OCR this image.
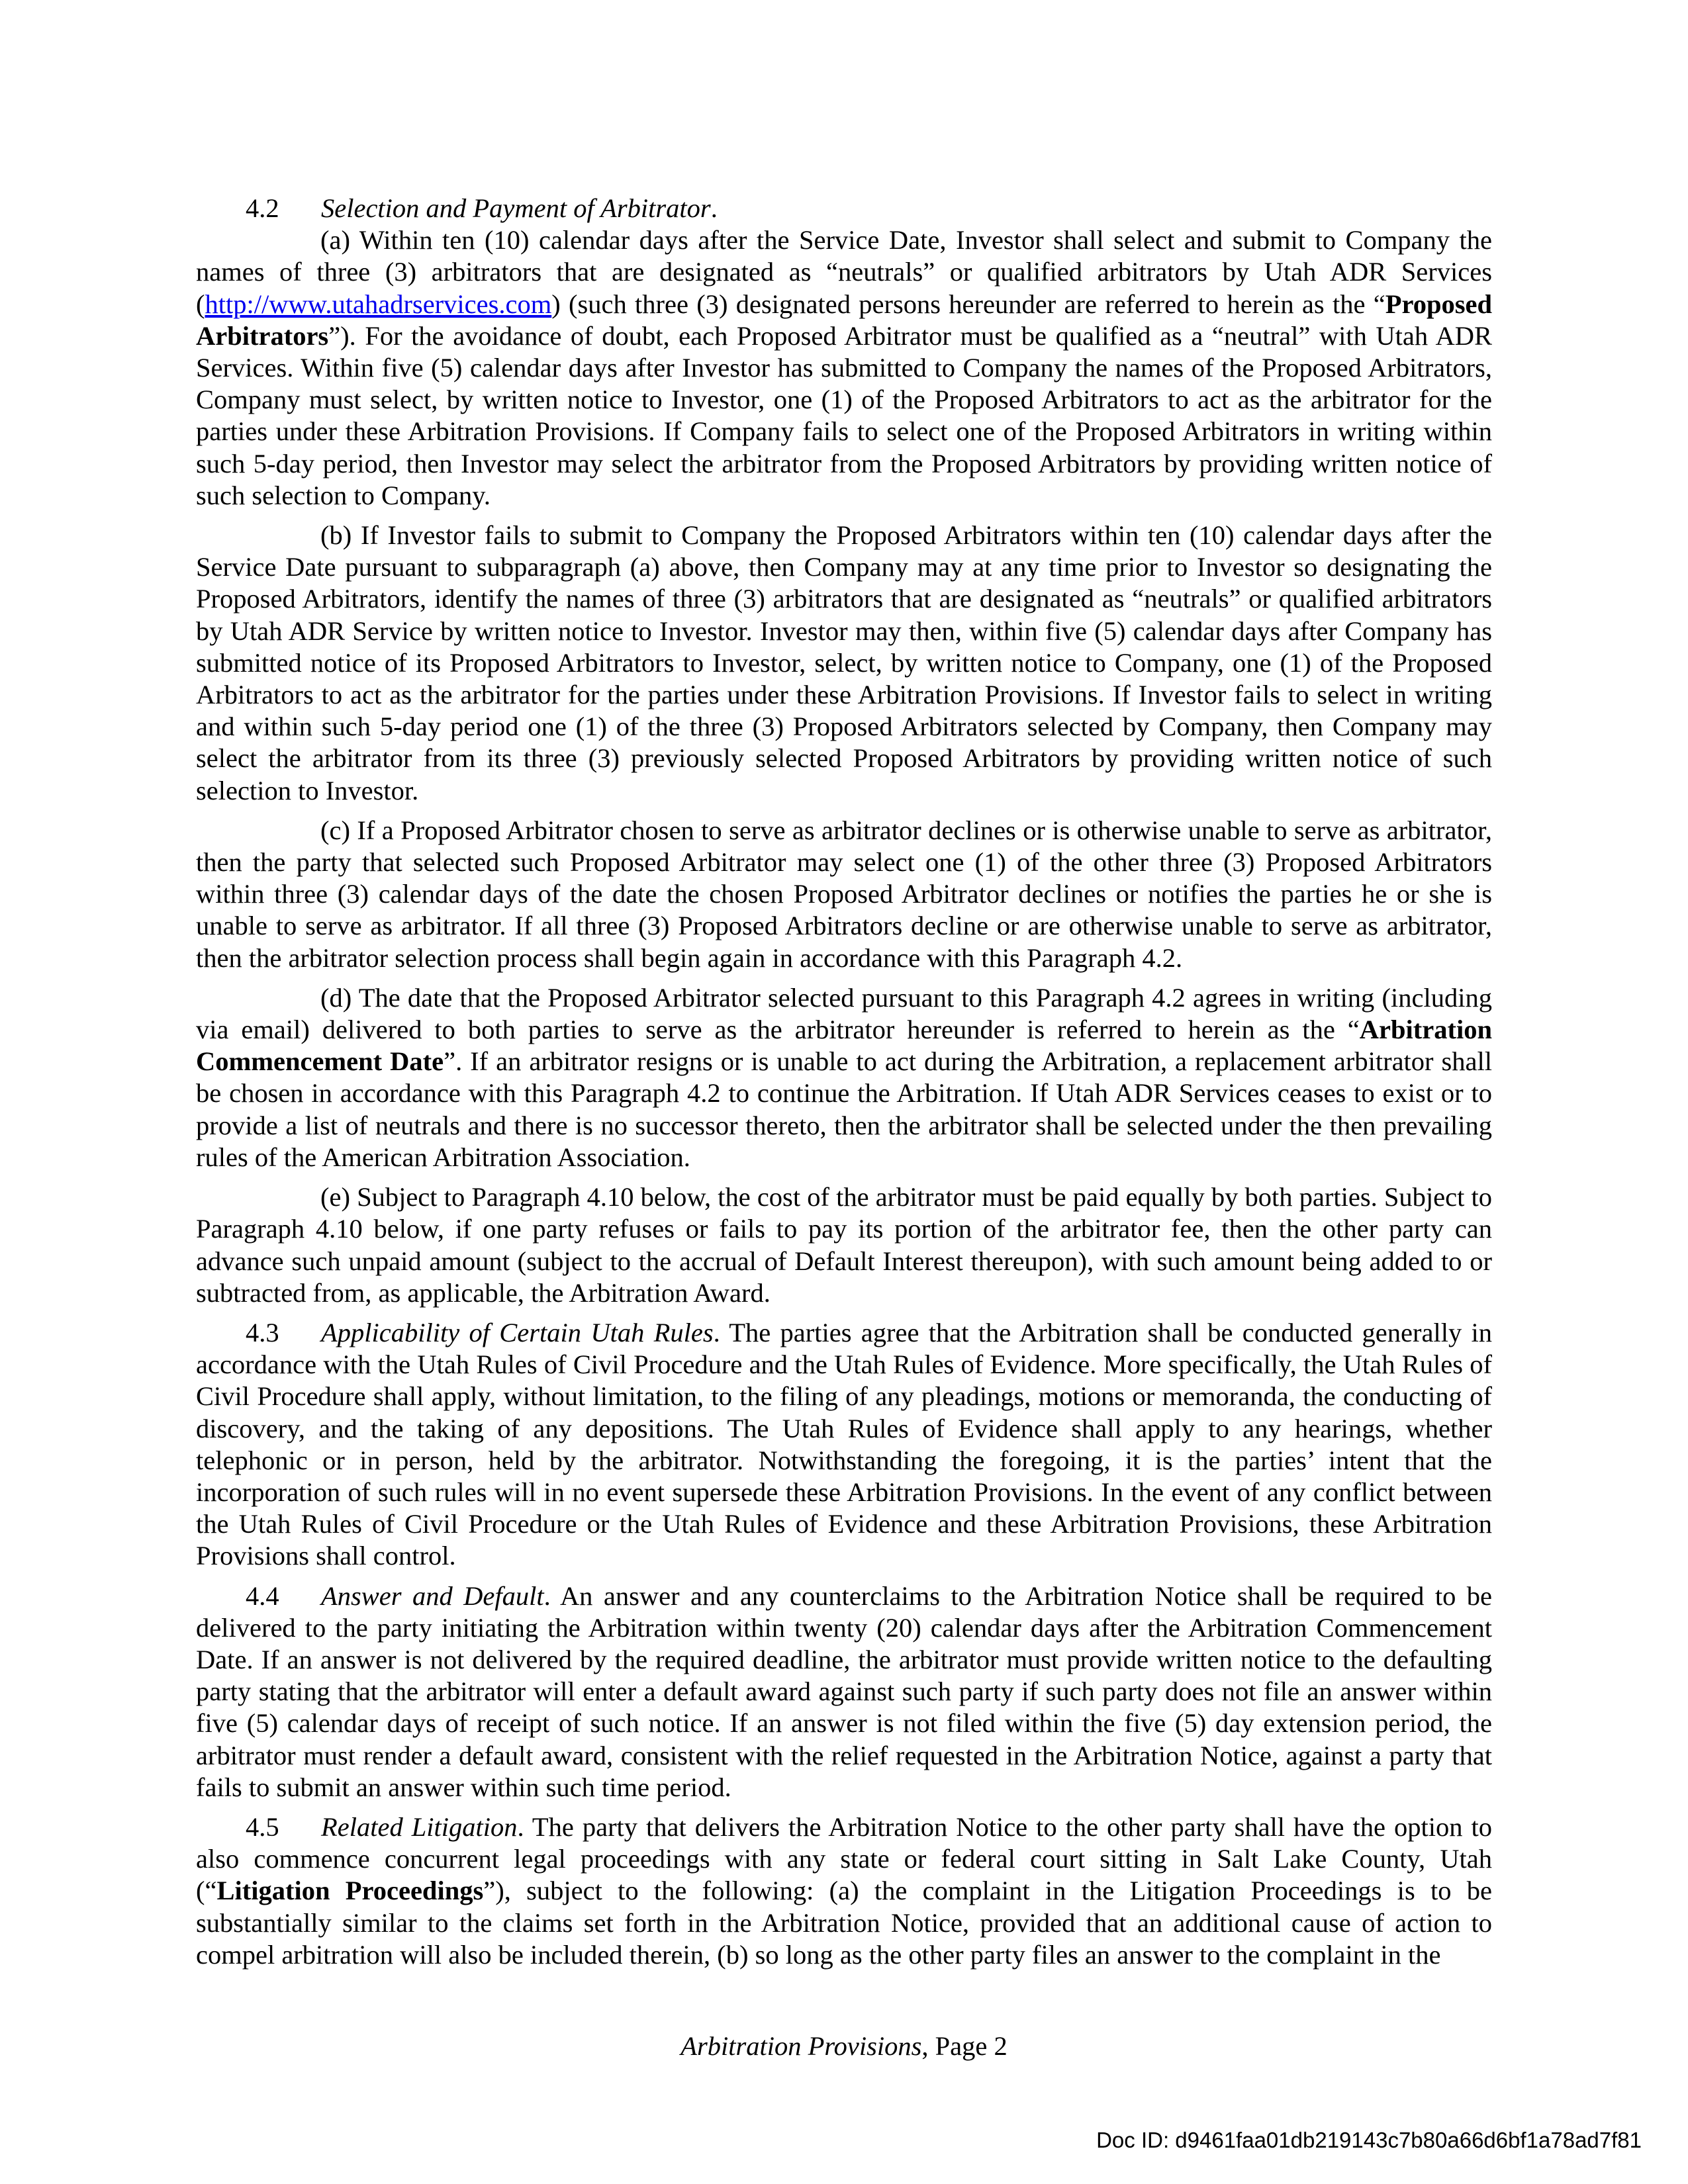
4.2 Selection and Payment of Arbitrator.

(a) Within ten (10) calendar days after the Service Date, Investor shall select and submit to Company the names of three (3) arbitrators that are designated as “neutrals” or qualified arbitrators by Utah ADR Services (http://www.utahadrservices.com) (such three (3) designated persons hereunder are referred to herein as the “Proposed Arbitrators”). For the avoidance of doubt, each Proposed Arbitrator must be qualified as a “neutral” with Utah ADR Services. Within five (5) calendar days after Investor has submitted to Company the names of the Proposed Arbitrators, Company must select, by written notice to Investor, one (1) of the Proposed Arbitrators to act as the arbitrator for the parties under these Arbitration Provisions. If Company fails to select one of the Proposed Arbitrators in writing within such 5-day period, then Investor may select the arbitrator from the Proposed Arbitrators by providing written notice of such selection to Company.

(b) If Investor fails to submit to Company the Proposed Arbitrators within ten (10) calendar days after the Service Date pursuant to subparagraph (a) above, then Company may at any time prior to Investor so designating the Proposed Arbitrators, identify the names of three (3) arbitrators that are designated as “neutrals” or qualified arbitrators by Utah ADR Service by written notice to Investor. Investor may then, within five (5) calendar days after Company has submitted notice of its Proposed Arbitrators to Investor, select, by written notice to Company, one (1) of the Proposed Arbitrators to act as the arbitrator for the parties under these Arbitration Provisions. If Investor fails to select in writing and within such 5-day period one (1) of the three (3) Proposed Arbitrators selected by Company, then Company may select the arbitrator from its three (3) previously selected Proposed Arbitrators by providing written notice of such selection to Investor.

(c) If a Proposed Arbitrator chosen to serve as arbitrator declines or is otherwise unable to serve as arbitrator, then the party that selected such Proposed Arbitrator may select one (1) of the other three (3) Proposed Arbitrators within three (3) calendar days of the date the chosen Proposed Arbitrator declines or notifies the parties he or she is unable to serve as arbitrator. If all three (3) Proposed Arbitrators decline or are otherwise unable to serve as arbitrator, then the arbitrator selection process shall begin again in accordance with this Paragraph 4.2.

(d) The date that the Proposed Arbitrator selected pursuant to this Paragraph 4.2 agrees in writing (including via email) delivered to both parties to serve as the arbitrator hereunder is referred to herein as the “Arbitration Commencement Date”. If an arbitrator resigns or is unable to act during the Arbitration, a replacement arbitrator shall be chosen in accordance with this Paragraph 4.2 to continue the Arbitration. If Utah ADR Services ceases to exist or to provide a list of neutrals and there is no successor thereto, then the arbitrator shall be selected under the then prevailing rules of the American Arbitration Association.

(e) Subject to Paragraph 4.10 below, the cost of the arbitrator must be paid equally by both parties. Subject to Paragraph 4.10 below, if one party refuses or fails to pay its portion of the arbitrator fee, then the other party can advance such unpaid amount (subject to the accrual of Default Interest thereupon), with such amount being added to or subtracted from, as applicable, the Arbitration Award.

4.3 Applicability of Certain Utah Rules. The parties agree that the Arbitration shall be conducted generally in accordance with the Utah Rules of Civil Procedure and the Utah Rules of Evidence. More specifically, the Utah Rules of Civil Procedure shall apply, without limitation, to the filing of any pleadings, motions or memoranda, the conducting of discovery, and the taking of any depositions. The Utah Rules of Evidence shall apply to any hearings, whether telephonic or in person, held by the arbitrator. Notwithstanding the foregoing, it is the parties’ intent that the incorporation of such rules will in no event supersede these Arbitration Provisions. In the event of any conflict between the Utah Rules of Civil Procedure or the Utah Rules of Evidence and these Arbitration Provisions, these Arbitration Provisions shall control.

4.4 Answer and Default. An answer and any counterclaims to the Arbitration Notice shall be required to be delivered to the party initiating the Arbitration within twenty (20) calendar days after the Arbitration Commencement Date. If an answer is not delivered by the required deadline, the arbitrator must provide written notice to the defaulting party stating that the arbitrator will enter a default award against such party if such party does not file an answer within five (5) calendar days of receipt of such notice. If an answer is not filed within the five (5) day extension period, the arbitrator must render a default award, consistent with the relief requested in the Arbitration Notice, against a party that fails to submit an answer within such time period.

4.5 Related Litigation. The party that delivers the Arbitration Notice to the other party shall have the option to also commence concurrent legal proceedings with any state or federal court sitting in Salt Lake County, Utah (“Litigation Proceedings”), subject to the following: (a) the complaint in the Litigation Proceedings is to be substantially similar to the claims set forth in the Arbitration Notice, provided that an additional cause of action to compel arbitration will also be included therein, (b) so long as the other party files an answer to the complaint in the

Arbitration Provisions, Page 2
Doc ID: d9461faa01db219143c7b80a66d6bf1a78ad7f81
